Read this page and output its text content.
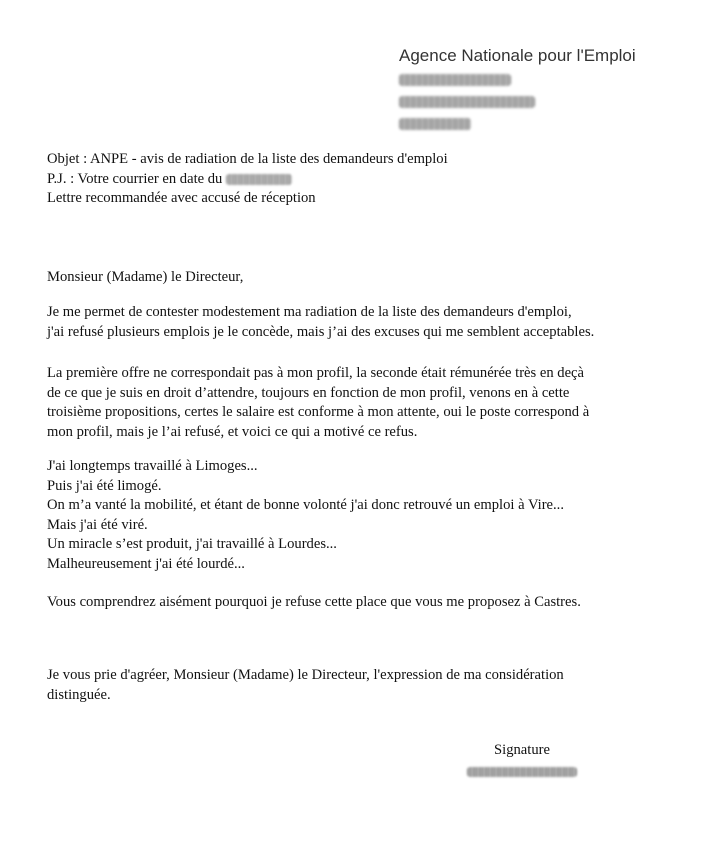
Agence Nationale pour l'Emploi
Objet : ANPE - avis de radiation de la liste des demandeurs d'emploi
P.J. : Votre courrier en date du
Lettre recommandée avec accusé de réception
Monsieur (Madame) le Directeur,
Je me permet de contester modestement ma radiation de la liste des demandeurs d'emploi,
j'ai refusé plusieurs emplois je le concède, mais j’ai des excuses qui me semblent acceptables.
La première offre ne correspondait pas à mon profil, la seconde était rémunérée très en deçà
de ce que je suis en droit d’attendre, toujours en fonction de mon profil, venons en à cette
troisième propositions, certes le salaire est conforme à mon attente, oui le poste correspond à
mon profil, mais je l’ai refusé, et voici ce qui a motivé ce refus.
J'ai longtemps travaillé à Limoges...
Puis j'ai été limogé.
On m’a vanté la mobilité, et étant de bonne volonté j'ai donc retrouvé un emploi à Vire...
Mais j'ai été viré.
Un miracle s’est produit, j'ai travaillé à Lourdes...
Malheureusement j'ai été lourdé...
Vous comprendrez aisément pourquoi je refuse cette place que vous me proposez à Castres.
Je vous prie d'agréer, Monsieur (Madame) le Directeur, l'expression de ma considération
distinguée.
Signature
